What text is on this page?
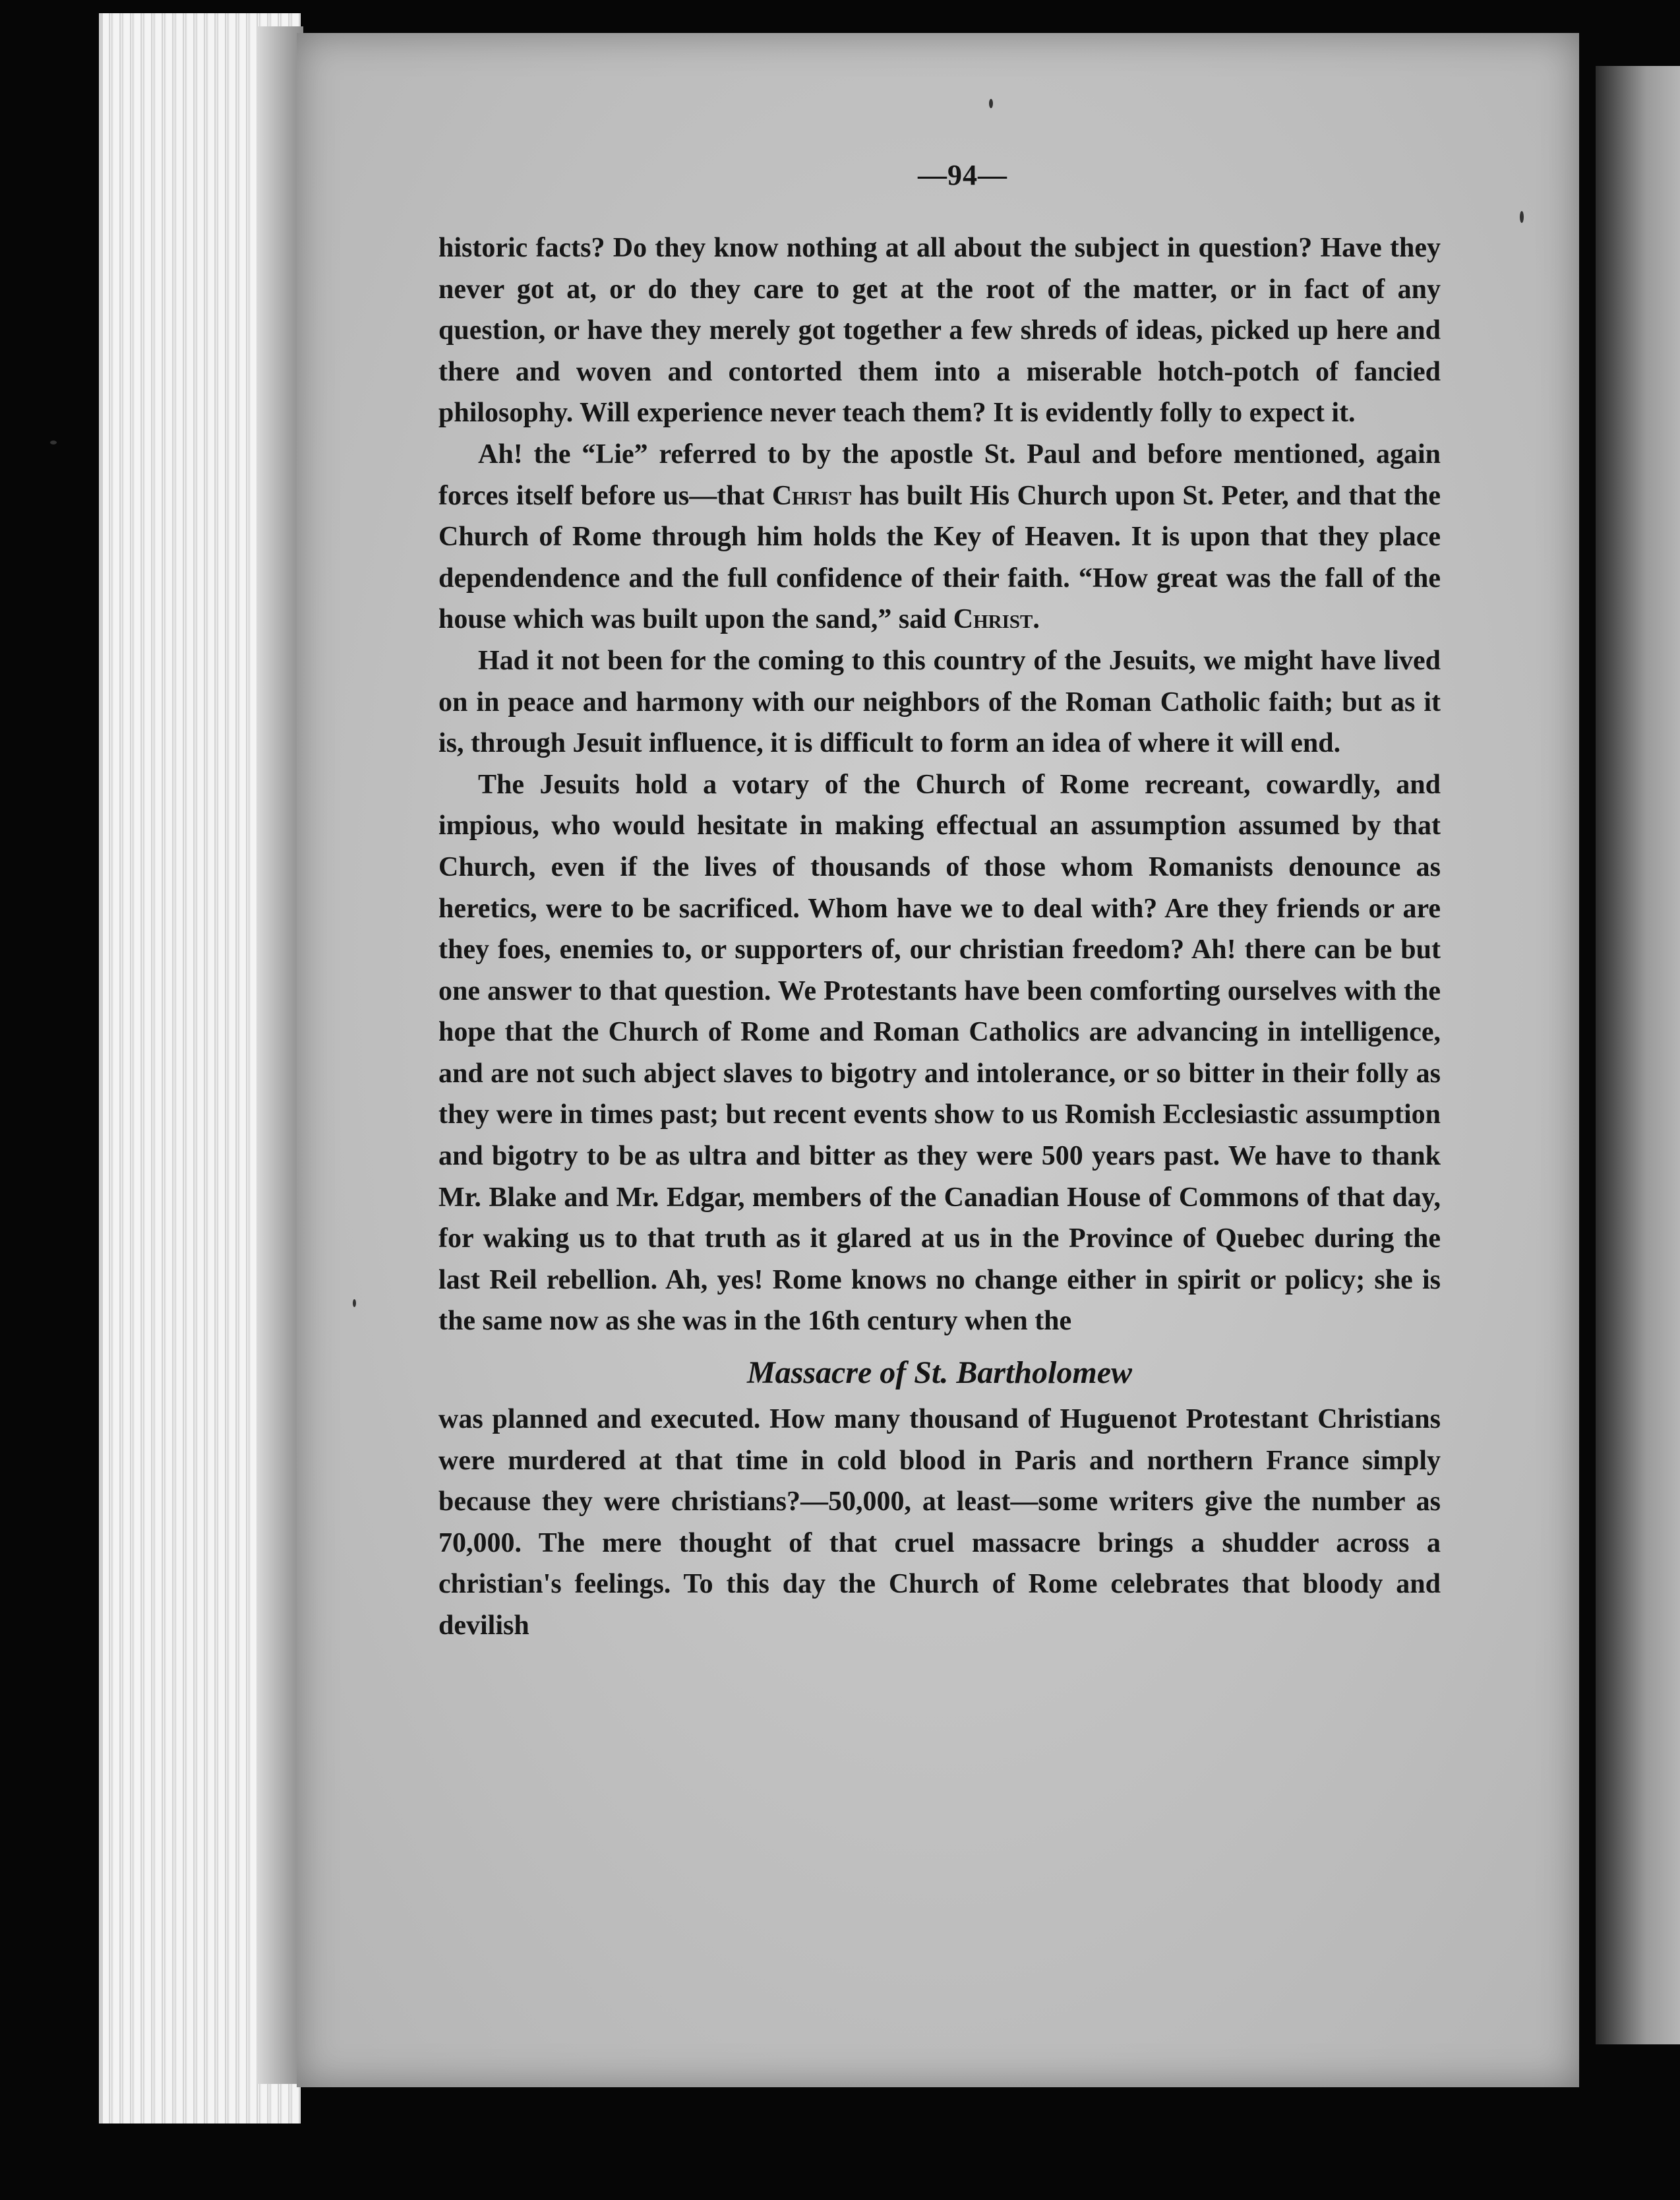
—94—

historic facts? Do they know nothing at all about the subject in question? Have they never got at, or do they care to get at the root of the matter, or in fact of any question, or have they merely got together a few shreds of ideas, picked up here and there and woven and contorted them into a miserable hotch-potch of fancied philosophy. Will experience never teach them? It is evidently folly to expect it.

Ah! the “Lie” referred to by the apostle St. Paul and before mentioned, again forces itself before us—that Christ has built His Church upon St. Peter, and that the Church of Rome through him holds the Key of Heaven. It is upon that they place dependendence and the full confidence of their faith. “How great was the fall of the house which was built upon the sand,” said Christ.

Had it not been for the coming to this country of the Jesuits, we might have lived on in peace and harmony with our neighbors of the Roman Catholic faith; but as it is, through Jesuit influence, it is difficult to form an idea of where it will end.

The Jesuits hold a votary of the Church of Rome recreant, cowardly, and impious, who would hesitate in making effectual an assumption assumed by that Church, even if the lives of thousands of those whom Romanists denounce as heretics, were to be sacrificed. Whom have we to deal with? Are they friends or are they foes, enemies to, or supporters of, our christian freedom? Ah! there can be but one answer to that question. We Protestants have been comforting ourselves with the hope that the Church of Rome and Roman Catholics are advancing in intelligence, and are not such abject slaves to bigotry and intolerance, or so bitter in their folly as they were in times past; but recent events show to us Romish Ecclesiastic assumption and bigotry to be as ultra and bitter as they were 500 years past. We have to thank Mr. Blake and Mr. Edgar, members of the Canadian House of Commons of that day, for waking us to that truth as it glared at us in the Province of Quebec during the last Reil rebellion. Ah, yes! Rome knows no change either in spirit or policy; she is the same now as she was in the 16th century when the

Massacre of St. Bartholomew

was planned and executed. How many thousand of Huguenot Protestant Christians were murdered at that time in cold blood in Paris and northern France simply because they were christians?—50,000, at least—some writers give the number as 70,000. The mere thought of that cruel massacre brings a shudder across a christian's feelings. To this day the Church of Rome celebrates that bloody and devilish
